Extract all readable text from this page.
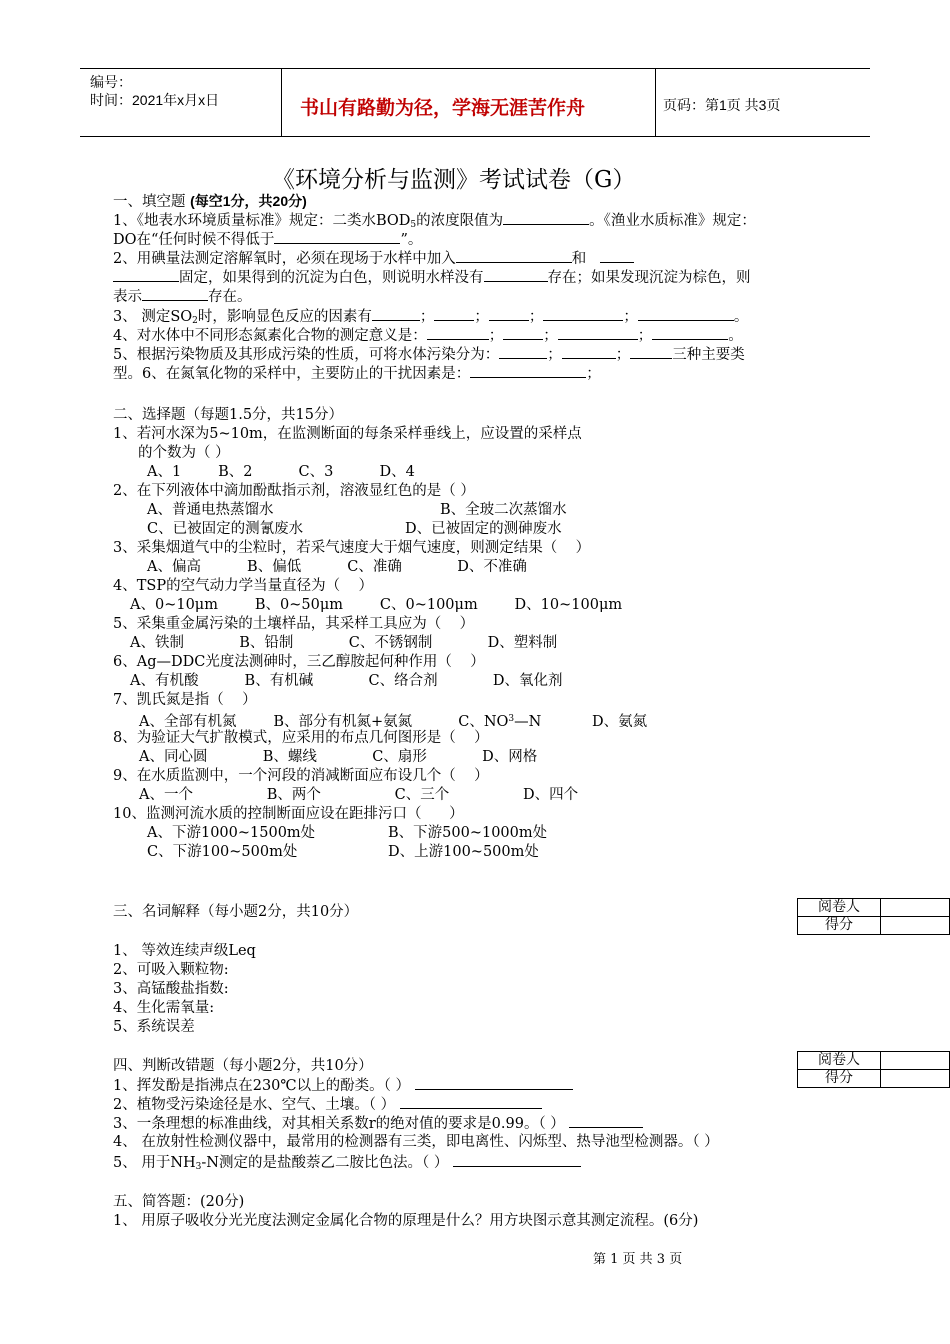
编号：
时间：2021年x月x日	书山有路勤为径，学海无涯苦作舟	页码：第1页 共3页
《环境分析与监测》考试试卷（G）
一、填空题 (每空1分，共20分)
1、《地表水环境质量标准》规定：二类水$BOD_5$的浓度限值为	。《渔业水质标准》规定：
DO在“任何时候不得低于	”。
2、用碘量法测定溶解氧时，必须在现场于水样中加入	和
固定，如果得到的沉淀为白色，则说明水样没有	存在；如果发现沉淀为棕色，则
表示	存在。
3、 测定$SO_2$时，影响显色反应的因素有	；	；	；	；	。
4、对水体中不同形态氮素化合物的测定意义是：	；	；	；	。
5、根据污染物质及其形成污染的性质，可将水体污染分为：	；	；	三种主要类
型。6、在氮氧化物的采样中，主要防止的干扰因素是：	；
二、选择题（每题1.5分，共15分）
1、若河水深为5~10m，在监测断面的每条采样垂线上，应设置的采样点
的个数为（ ）
A、1        B、2          C、3          D、4
2、在下列液体中滴加酚酞指示剂，溶液显红色的是（ ）
A、普通电热蒸馏水	B、全玻二次蒸馏水
C、已被固定的测氰废水	D、已被固定的测砷废水
3、采集烟道气中的尘粒时，若采气速度大于烟气速度，则测定结果（    ）
A、偏高          B、偏低          C、准确            D、不准确
4、TSP的空气动力学当量直径为（    ）
A、0~10μm        B、0~50μm        C、0~100μm        D、10~100μm
5、采集重金属污染的土壤样品，其采样工具应为（    ）
A、铁制            B、铅制            C、不锈钢制            D、塑料制
6、Ag—DDC光度法测砷时，三乙醇胺起何种作用（    ）
A、有机酸          B、有机碱            C、络合剂            D、氧化剂
7、凯氏氮是指（    ）
A、全部有机氮        B、部分有机氮+氨氮          C、$NO^3—N$           D、氨氮
8、为验证大气扩散模式，应采用的布点几何图形是（    ）
A、同心圆            B、螺线            C、扇形            D、网格
9、在水质监测中，一个河段的消减断面应布设几个（    ）
A、一个                B、两个                C、三个                D、四个
10、监测河流水质的控制断面应设在距排污口（      ）
A、下游1000~1500m处	B、下游500~1000m处
C、下游100~500m处	D、上游100~500m处
三、名词解释（每小题2分，共10分）	阅卷人	
得分	
1、 等效连续声级Leq
2、可吸入颗粒物:
3、高锰酸盐指数:
4、生化需氧量:
5、系统误差
四、判断改错题（每小题2分，共10分）	阅卷人	
得分	
1、挥发酚是指沸点在230℃以上的酚类。（ ）
2、植物受污染途径是水、空气、土壤。（ ）
3、一条理想的标准曲线，对其相关系数r的绝对值的要求是0.99。（ ）
4、 在放射性检测仪器中，最常用的检测器有三类，即电离性、闪烁型、热导池型检测器。（ ）
5、 用于$NH_3-N$测定的是盐酸萘乙二胺比色法。（ ）
五、简答题：(20分)
1、 用原子吸收分光光度法测定金属化合物的原理是什么？用方块图示意其测定流程。(6分)
第 1 页 共 3 页
